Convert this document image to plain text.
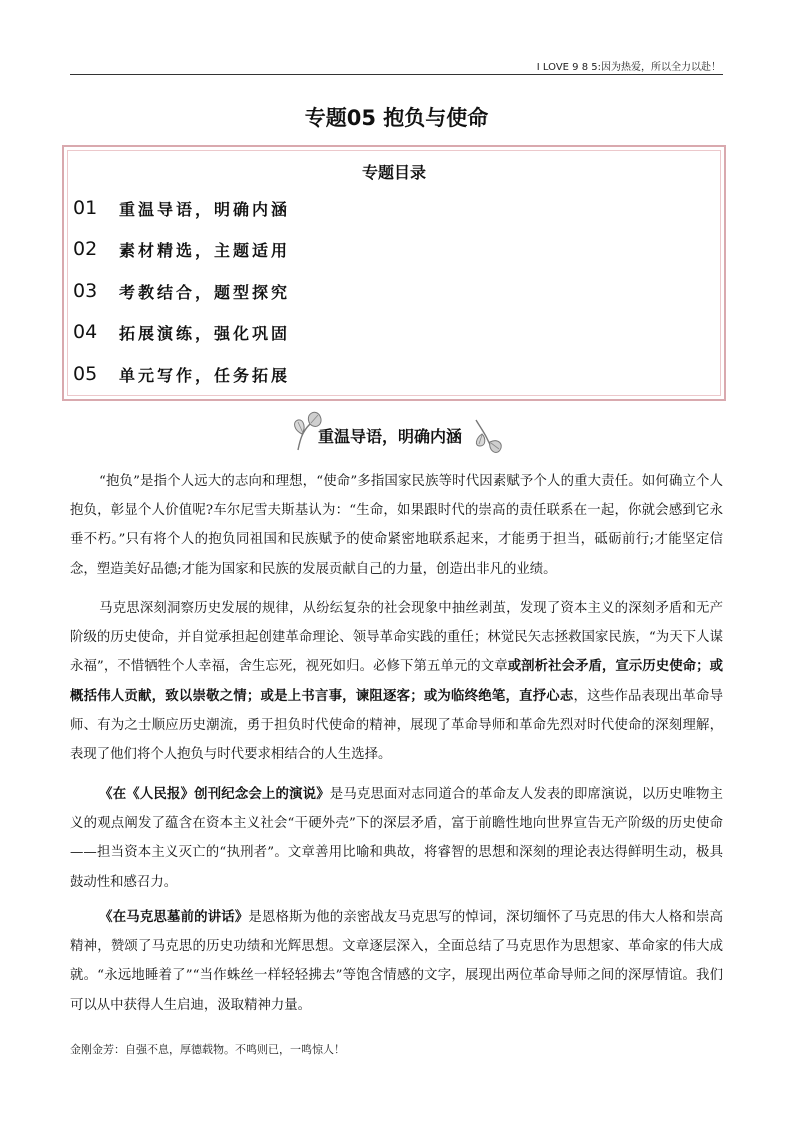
I LOVE 9 8 5:因为热爱，所以全力以赴！
专题05 抱负与使命
专题目录
01	重温导语，明确内涵
02	素材精选，主题适用
03	考教结合，题型探究
04	拓展演练，强化巩固
05	单元写作，任务拓展
重温导语，明确内涵
“抱负”是指个人远大的志向和理想，“使命”多指国家民族等时代因素赋予个人的重大责任。如何确立个人抱负，彰显个人价值呢?车尔尼雪夫斯基认为：“生命，如果跟时代的崇高的责任联系在一起，你就会感到它永垂不朽。”只有将个人的抱负同祖国和民族赋予的使命紧密地联系起来，才能勇于担当，砥砺前行;才能坚定信念，塑造美好品德;才能为国家和民族的发展贡献自己的力量，创造出非凡的业绩。
马克思深刻洞察历史发展的规律，从纷纭复杂的社会现象中抽丝剥茧，发现了资本主义的深刻矛盾和无产阶级的历史使命，并自觉承担起创建革命理论、领导革命实践的重任；林觉民矢志拯救国家民族，“为天下人谋永福”，不惜牺牲个人幸福，舍生忘死，视死如归。必修下第五单元的文章或剖析社会矛盾，宣示历史使命；或概括伟人贡献，致以崇敬之情；或是上书言事，谏阻逐客；或为临终绝笔，直抒心志，这些作品表现出革命导师、有为之士顺应历史潮流，勇于担负时代使命的精神，展现了革命导师和革命先烈对时代使命的深刻理解，表现了他们将个人抱负与时代要求相结合的人生选择。
《在《人民报》创刊纪念会上的演说》是马克思面对志同道合的革命友人发表的即席演说，以历史唯物主义的观点阐发了蕴含在资本主义社会“干硬外壳”下的深层矛盾，富于前瞻性地向世界宣告无产阶级的历史使命——担当资本主义灭亡的“执刑者”。文章善用比喻和典故，将睿智的思想和深刻的理论表达得鲜明生动，极具鼓动性和感召力。
《在马克思墓前的讲话》是恩格斯为他的亲密战友马克思写的悼词，深切缅怀了马克思的伟大人格和崇高精神，赞颂了马克思的历史功绩和光辉思想。文章逐层深入，全面总结了马克思作为思想家、革命家的伟大成就。“永远地睡着了”“当作蛛丝一样轻轻拂去”等饱含情感的文字，展现出两位革命导师之间的深厚情谊。我们可以从中获得人生启迪，汲取精神力量。
金刚金芳：自强不息，厚德载物。不鸣则已，一鸣惊人！
